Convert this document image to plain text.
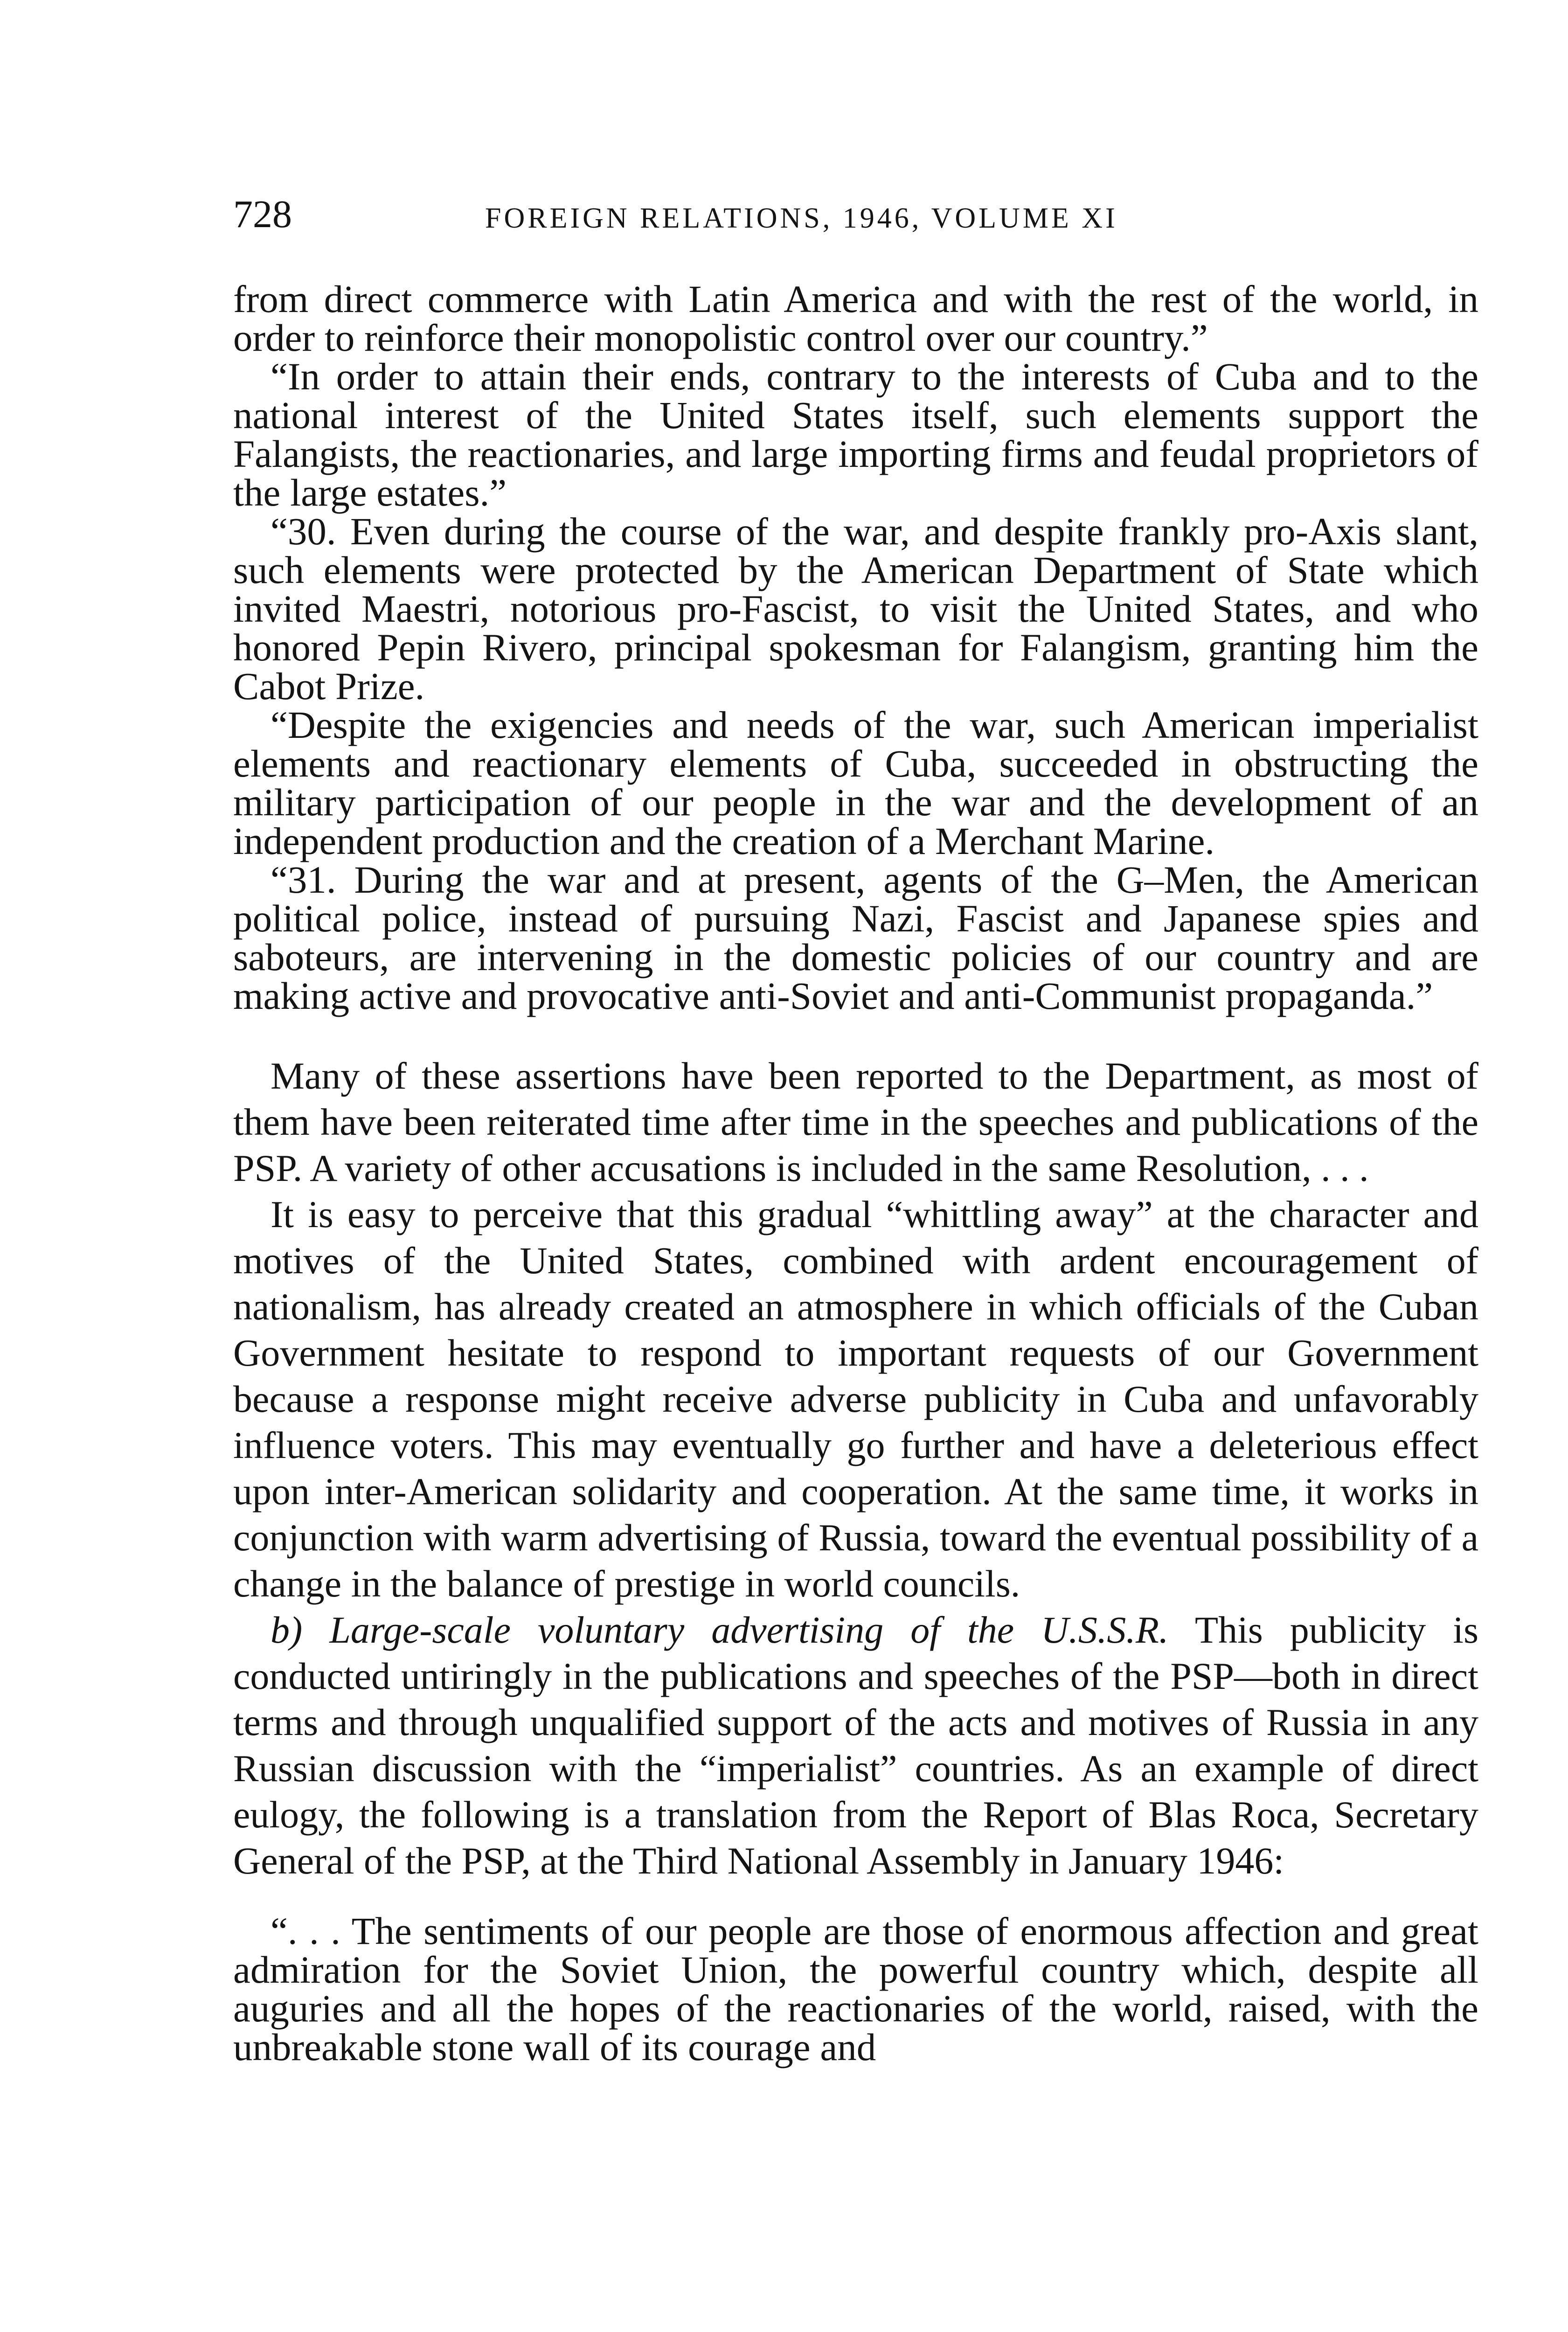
728	FOREIGN RELATIONS, 1946, VOLUME XI

from direct commerce with Latin America and with the rest of the world, in order to reinforce their monopolistic control over our country.”

“In order to attain their ends, contrary to the interests of Cuba and to the national interest of the United States itself, such elements support the Falangists, the reactionaries, and large importing firms and feudal proprietors of the large estates.”

“30. Even during the course of the war, and despite frankly pro-Axis slant, such elements were protected by the American Department of State which invited Maestri, notorious pro-Fascist, to visit the United States, and who honored Pepin Rivero, principal spokesman for Falangism, granting him the Cabot Prize.

“Despite the exigencies and needs of the war, such American imperialist elements and reactionary elements of Cuba, succeeded in obstructing the military participation of our people in the war and the development of an independent production and the creation of a Merchant Marine.

“31. During the war and at present, agents of the G–Men, the American political police, instead of pursuing Nazi, Fascist and Japanese spies and saboteurs, are intervening in the domestic policies of our country and are making active and provocative anti-Soviet and anti-Communist propaganda.”

Many of these assertions have been reported to the Department, as most of them have been reiterated time after time in the speeches and publications of the PSP. A variety of other accusations is included in the same Resolution, . . .

It is easy to perceive that this gradual “whittling away” at the character and motives of the United States, combined with ardent encouragement of nationalism, has already created an atmosphere in which officials of the Cuban Government hesitate to respond to important requests of our Government because a response might receive adverse publicity in Cuba and unfavorably influence voters. This may eventually go further and have a deleterious effect upon inter-American solidarity and cooperation. At the same time, it works in conjunction with warm advertising of Russia, toward the eventual possibility of a change in the balance of prestige in world councils.

b) Large-scale voluntary advertising of the U.S.S.R. This publicity is conducted untiringly in the publications and speeches of the PSP—both in direct terms and through unqualified support of the acts and motives of Russia in any Russian discussion with the “imperialist” countries. As an example of direct eulogy, the following is a translation from the Report of Blas Roca, Secretary General of the PSP, at the Third National Assembly in January 1946:

“. . . The sentiments of our people are those of enormous affection and great admiration for the Soviet Union, the powerful country which, despite all auguries and all the hopes of the reactionaries of the world, raised, with the unbreakable stone wall of its courage and
